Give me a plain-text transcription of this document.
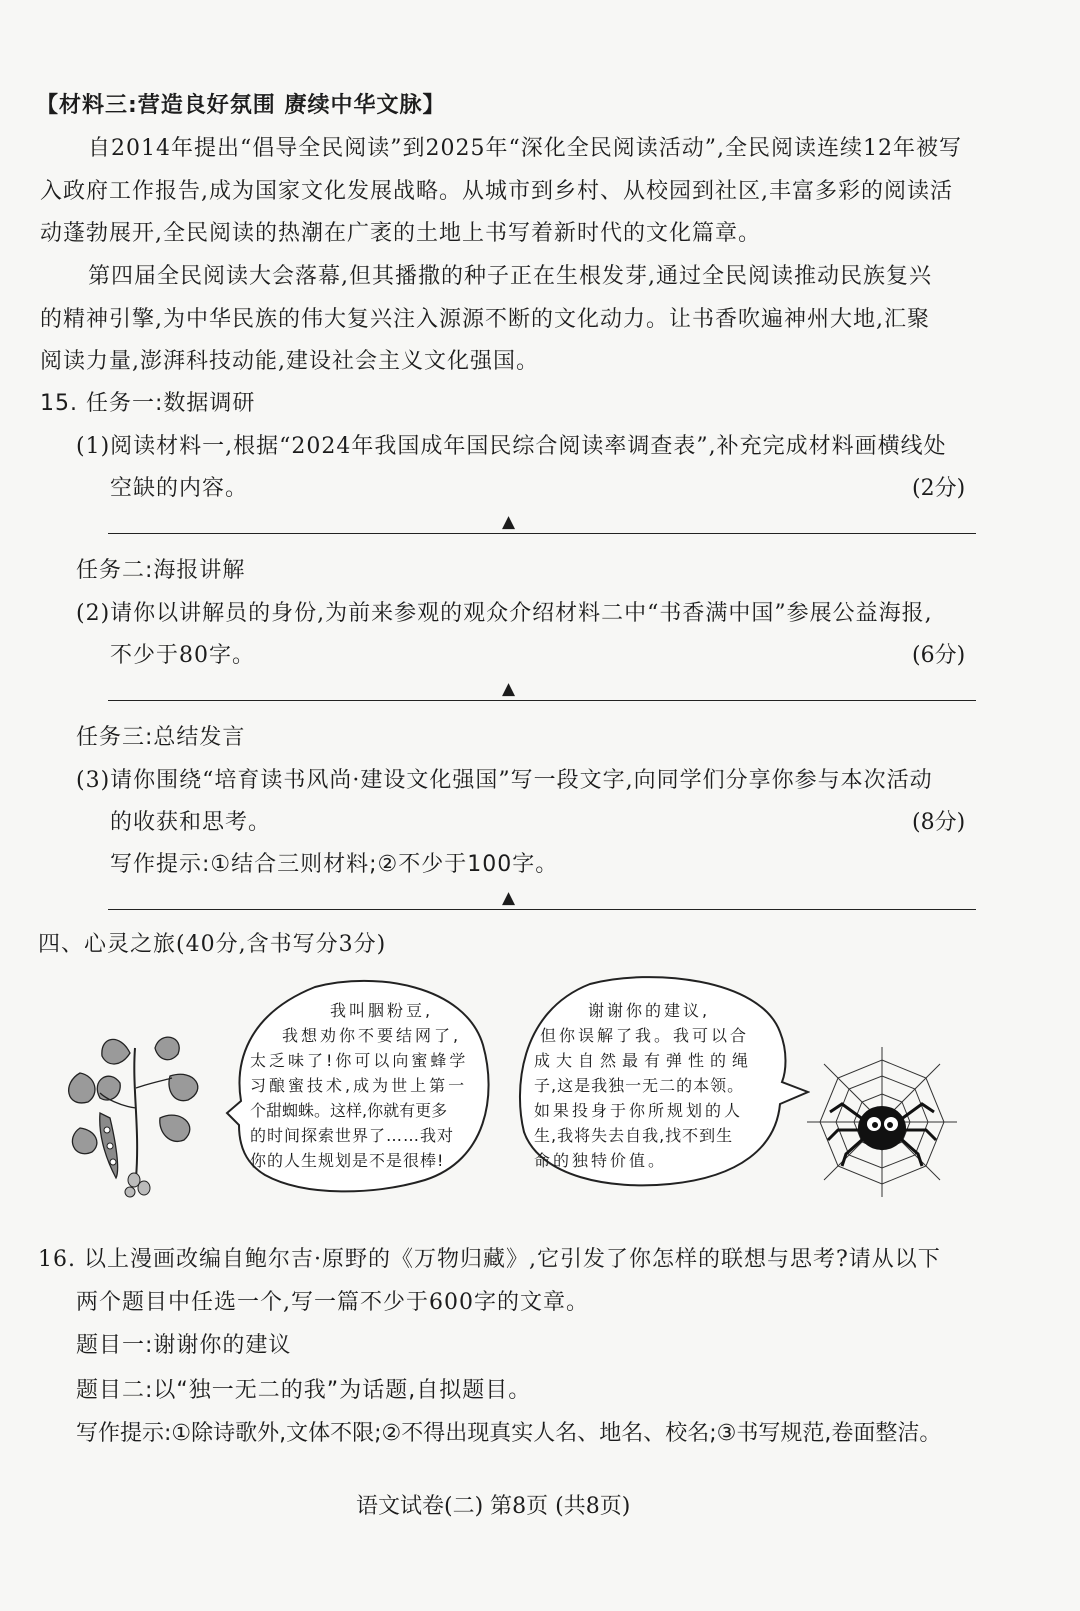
【材料三:营造良好氛围 赓续中华文脉】
自2014年提出“倡导全民阅读”到2025年“深化全民阅读活动”,全民阅读连续12年被写
入政府工作报告,成为国家文化发展战略。从城市到乡村、从校园到社区,丰富多彩的阅读活
动蓬勃展开,全民阅读的热潮在广袤的土地上书写着新时代的文化篇章。
第四届全民阅读大会落幕,但其播撒的种子正在生根发芽,通过全民阅读推动民族复兴
的精神引擎,为中华民族的伟大复兴注入源源不断的文化动力。让书香吹遍神州大地,汇聚
阅读力量,澎湃科技动能,建设社会主义文化强国。
15. 任务一:数据调研
(1)阅读材料一,根据“2024年我国成年国民综合阅读率调查表”,补充完成材料画横线处
空缺的内容。	(2分)
▲
任务二:海报讲解
(2)请你以讲解员的身份,为前来参观的观众介绍材料二中“书香满中国”参展公益海报,
不少于80字。	(6分)
▲
任务三:总结发言
(3)请你围绕“培育读书风尚·建设文化强国”写一段文字,向同学们分享你参与本次活动
的收获和思考。	(8分)
写作提示:①结合三则材料;②不少于100字。
▲
四、心灵之旅(40分,含书写分3分)
我叫胭粉豆,
我想劝你不要结网了,
太乏味了!你可以向蜜蜂学
习酿蜜技术,成为世上第一
个甜蜘蛛。这样,你就有更多
的时间探索世界了……我对
你的人生规划是不是很棒!
谢谢你的建议,
但你误解了我。我可以合
成大自然最有弹性的绳
子,这是我独一无二的本领。
如果投身于你所规划的人
生,我将失去自我,找不到生
命的独特价值。
16. 以上漫画改编自鲍尔吉·原野的《万物归藏》,它引发了你怎样的联想与思考?请从以下
两个题目中任选一个,写一篇不少于600字的文章。
题目一:谢谢你的建议
题目二:以“独一无二的我”为话题,自拟题目。
写作提示:①除诗歌外,文体不限;②不得出现真实人名、地名、校名;③书写规范,卷面整洁。
语文试卷(二) 第8页 (共8页)
